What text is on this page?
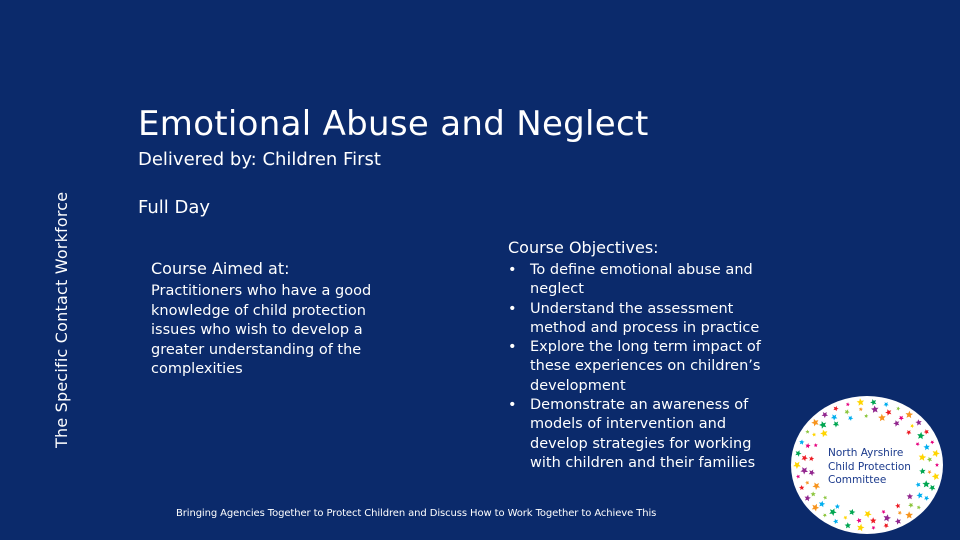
The Specific Contact Workforce
Emotional Abuse and Neglect
Delivered by: Children First
Full Day
Course Aimed at:

Practitioners who have a good knowledge of child protection issues who wish to develop a greater understanding of the complexities

Course Objectives:
• To define emotional abuse and neglect
• Understand the assessment method and process in practice
• Explore the long term impact of these experiences on children’s development
• Demonstrate an awareness of models of intervention and develop strategies for working with children and their families
Bringing Agencies Together to Protect Children and Discuss How to Work Together to Achieve This
North Ayrshire
Child Protection
Committee
